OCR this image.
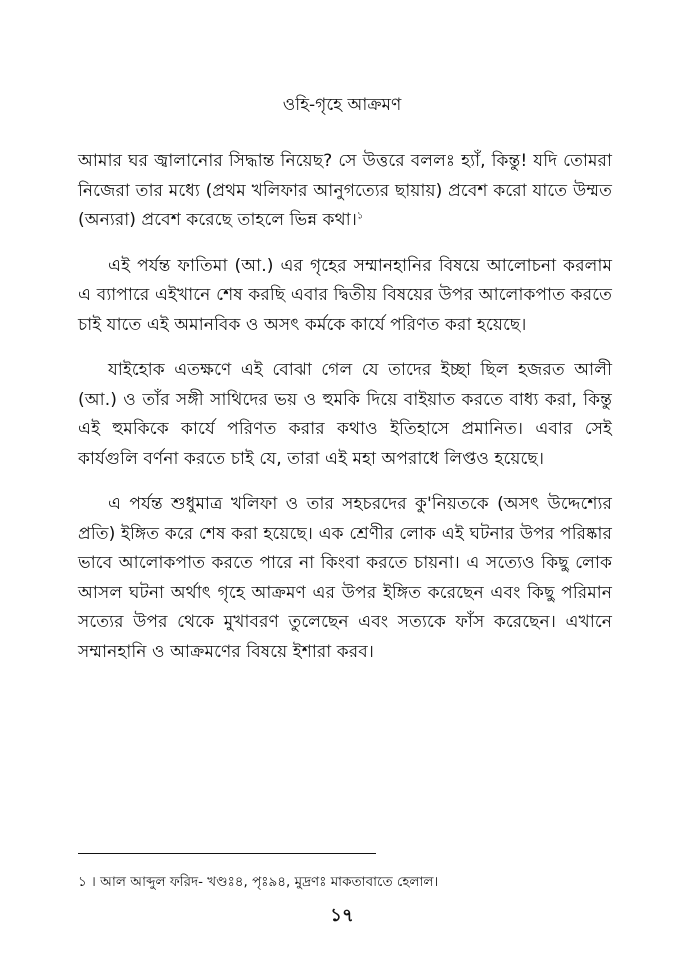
ওহি-গৃহে আক্রমণ

আমার ঘর জ্বালানোর সিদ্ধান্ত নিয়েছ? সে উত্তরে বললঃ হ্যাঁ, কিন্তু! যদি তোমরা নিজেরা তার মধ্যে (প্রথম খলিফার আনুগত্যের ছায়ায়) প্রবেশ করো যাতে উম্মত (অন্যরা) প্রবেশ করেছে তাহলে ভিন্ন কথা।$^১$

এই পর্যন্ত ফাতিমা (আ.) এর গৃহের সম্মানহানির বিষয়ে আলোচনা করলাম এ ব্যাপারে এইখানে শেষ করছি এবার দ্বিতীয় বিষয়ের উপর আলোকপাত করতে চাই যাতে এই অমানবিক ও অসৎ কর্মকে কার্যে পরিণত করা হয়েছে।

যাইহোক এতক্ষণে এই বোঝা গেল যে তাদের ইচ্ছা ছিল হজরত আলী (আ.) ও তাঁর সঙ্গী সাথিদের ভয় ও হুমকি দিয়ে বাইয়াত করতে বাধ্য করা, কিন্তু এই হুমকিকে কার্যে পরিণত করার কথাও ইতিহাসে প্রমানিত। এবার সেই কার্যগুলি বর্ণনা করতে চাই যে, তারা এই মহা অপরাধে লিপ্তও হয়েছে।

এ পর্যন্ত শুধুমাত্র খলিফা ও তার সহচরদের কু'নিয়তকে (অসৎ উদ্দেশ্যের প্রতি) ইঙ্গিত করে শেষ করা হয়েছে। এক শ্রেণীর লোক এই ঘটনার উপর পরিষ্কার ভাবে আলোকপাত করতে পারে না কিংবা করতে চায়না। এ সত্যেও কিছু লোক আসল ঘটনা অর্থাৎ গৃহে আক্রমণ এর উপর ইঙ্গিত করেছেন এবং কিছু পরিমান সত্যের উপর থেকে মুখাবরণ তুলেছেন এবং সত্যকে ফাঁস করেছেন। এখানে সম্মানহানি ও আক্রমণের বিষয়ে ইশারা করব।

১ । আল আব্দুল ফরিদ- খণ্ডঃ৪, পৃঃ৯৪, মুদ্রণঃ মাকতাবাতে হেলাল।
১৭
